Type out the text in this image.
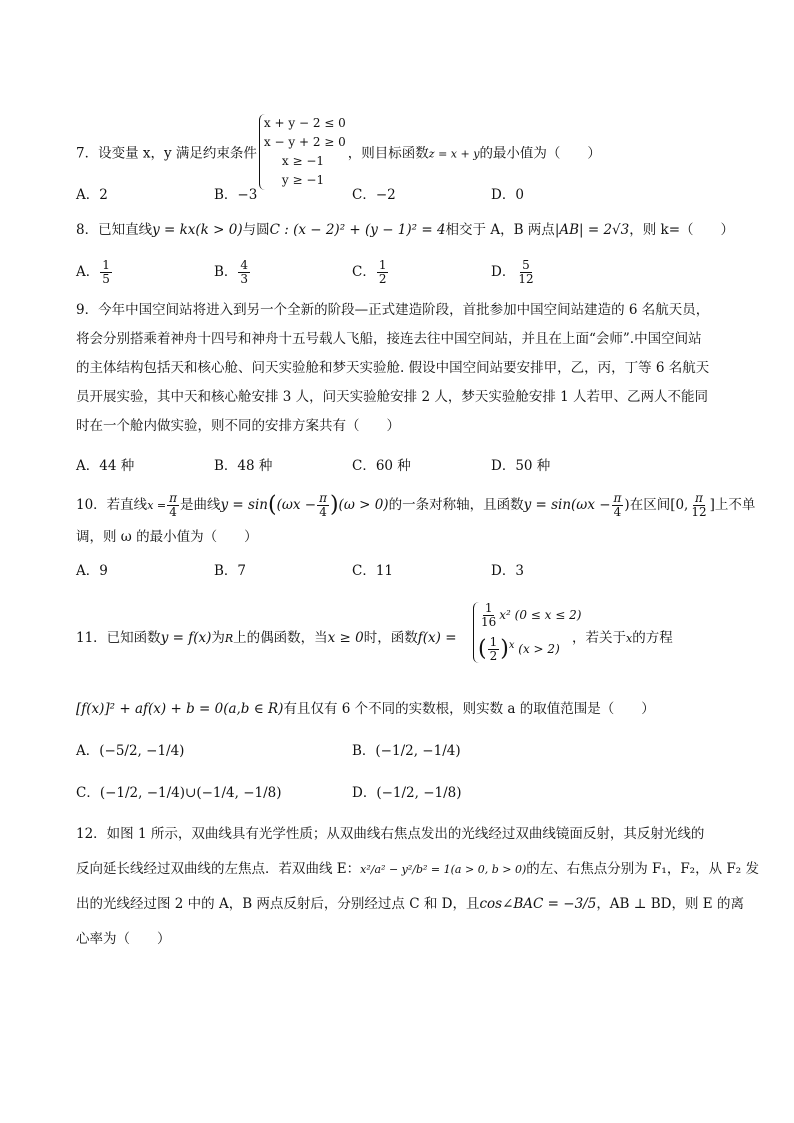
7．设变量 x，y 满足约束条件
x + y − 2 ≤ 0
x − y + 2 ≥ 0
x ≥ −1
y ≥ −1
，则目标函数z = x + y的最小值为（　　）
A．2	B．−3	C．−2	D．0
8．已知直线y = kx(k > 0)与圆C : (x − 2)² + (y − 1)² = 4相交于 A，B 两点|AB| = 2√3，则 k=（　　）
A． $\frac{1}{5}$	B． $\frac{4}{3}$	C． $\frac{1}{2}$	D． $\frac{5}{12}$

9．今年中国空间站将进入到另一个全新的阶段—正式建造阶段，首批参加中国空间站建造的 6 名航天员，

将会分别搭乘着神舟十四号和神舟十五号载人飞船，接连去往中国空间站，并且在上面“会师”.中国空间站

的主体结构包括天和核心舱、问天实验舱和梦天实验舱. 假设中国空间站要安排甲，乙，丙，丁等 6 名航天

员开展实验，其中天和核心舱安排 3 人，问天实验舱安排 2 人，梦天实验舱安排 1 人若甲、乙两人不能同

时在一个舱内做实验，则不同的安排方案共有（　　）

A．44 种	B．48 种	C．60 种	D．50 种
10．若直线$x = \frac{\pi}{4}$ 是曲线$y = \sin((\omega x - \frac{\pi}{4} )(\omega > 0)$的一条对称轴，且函数$y = \sin(\omega x - \frac{\pi}{4}$ )在区间[0, $\frac{\pi}{12}$ ]上不单
调，则 ω 的最小值为（　　）
A．9	B．7	C．11	D．3
11．已知函数y = f(x)为R上的偶函数，当x ≥ 0时，函数f(x) =
$\frac{1}{16} x^2$ (0 ≤ x ≤ 2)
( $\frac{1}{2} )^x$ (x > 2)
，若关于x的方程
[f(x)]² + af(x) + b = 0(a,b ∈ R)有且仅有 6 个不同的实数根，则实数 a 的取值范围是（　　）
A．(−5/2, −1/4)	B．(−1/2, −1/4)
C．(−1/2, −1/4)∪(−1/4, −1/8)	D．(−1/2, −1/8)

12．如图 1 所示，双曲线具有光学性质；从双曲线右焦点发出的光线经过双曲线镜面反射，其反射光线的

反向延长线经过双曲线的左焦点．若双曲线 E：x²/a² − y²/b² = 1(a > 0, b > 0)的左、右焦点分别为 F₁，F₂，从 F₂ 发

出的光线经过图 2 中的 A，B 两点反射后，分别经过点 C 和 D，且cos∠BAC = −3/5，AB ⊥ BD，则 E 的离

心率为（　　）
